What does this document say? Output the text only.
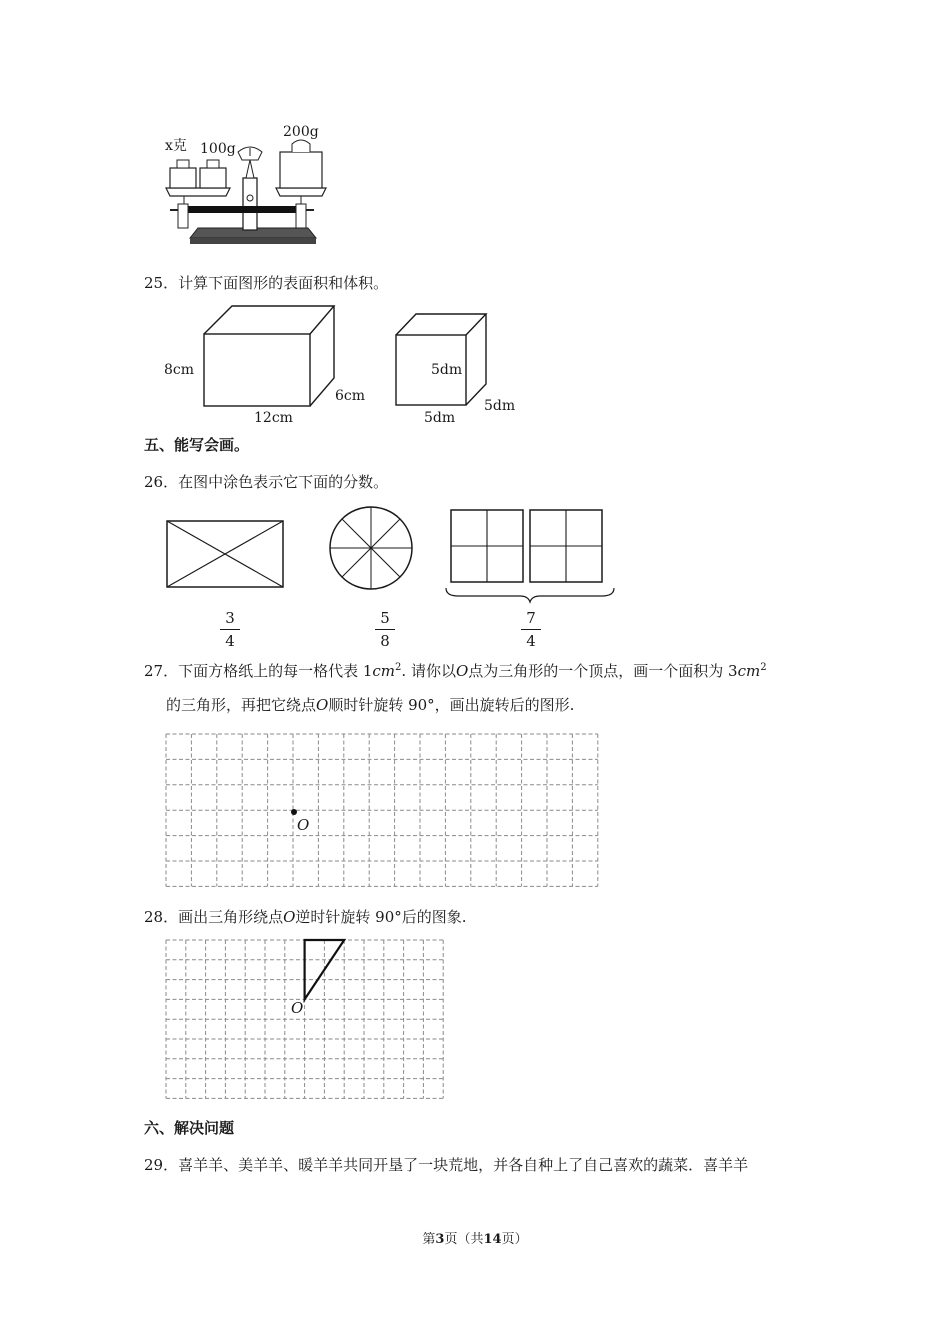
x克 100g
200g
25．计算下面图形的表面积和体积。
8cm
12cm
6cm
5dm
5dm
5dm
五、能写会画。
26．在图中涂色表示它下面的分数。
3
4
5
8
7
4
27．下面方格纸上的每一格代表 $1cm^2$. 请你以O点为三角形的一个顶点，画一个面积为 $3cm^2$
的三角形，再把它绕点O顺时针旋转 90°，画出旋转后的图形.
O
28．画出三角形绕点O逆时针旋转 90°后的图象.
O
六、解决问题
29．喜羊羊、美羊羊、暖羊羊共同开垦了一块荒地，并各自种上了自己喜欢的蔬菜．喜羊羊
第3页（共14页）
